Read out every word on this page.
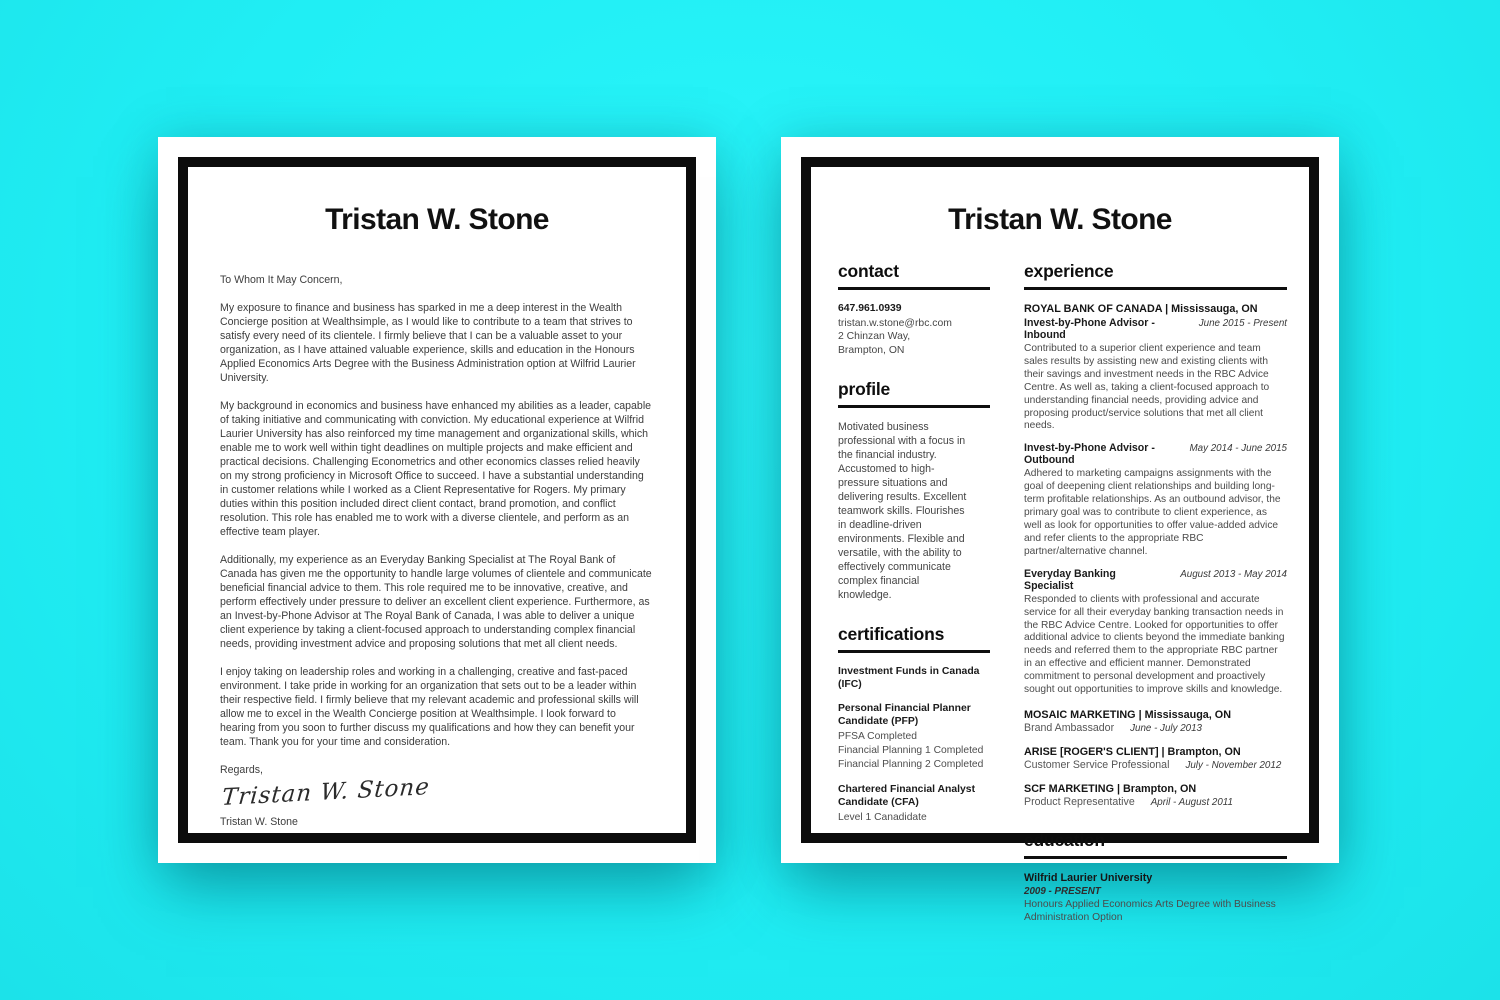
Tristan W. Stone

To Whom It May Concern,

My exposure to finance and business has sparked in me a deep interest in the Wealth Concierge position at Wealthsimple, as I would like to contribute to a team that strives to satisfy every need of its clientele. I firmly believe that I can be a valuable asset to your organization, as I have attained valuable experience, skills and education in the Honours Applied Economics Arts Degree with the Business Administration option at Wilfrid Laurier University.

My background in economics and business have enhanced my abilities as a leader, capable of taking initiative and communicating with conviction. My educational experience at Wilfrid Laurier University has also reinforced my time management and organizational skills, which enable me to work well within tight deadlines on multiple projects and make efficient and practical decisions. Challenging Econometrics and other economics classes relied heavily on my strong proficiency in Microsoft Office to succeed. I have a substantial understanding in customer relations while I worked as a Client Representative for Rogers. My primary duties within this position included direct client contact, brand promotion, and conflict resolution. This role has enabled me to work with a diverse clientele, and perform as an effective team player.

Additionally, my experience as an Everyday Banking Specialist at The Royal Bank of Canada has given me the opportunity to handle large volumes of clientele and communicate beneficial financial advice to them. This role required me to be innovative, creative, and perform effectively under pressure to deliver an excellent client experience. Furthermore, as an Invest-by-Phone Advisor at The Royal Bank of Canada, I was able to deliver a unique client experience by taking a client-focused approach to understanding complex financial needs, providing investment advice and proposing solutions that met all client needs.

I enjoy taking on leadership roles and working in a challenging, creative and fast-paced environment. I take pride in working for an organization that sets out to be a leader within their respective field. I firmly believe that my relevant academic and professional skills will allow me to excel in the Wealth Concierge position at Wealthsimple. I look forward to hearing from you soon to further discuss my qualifications and how they can benefit your team. Thank you for your time and consideration.

Regards,

Tristan W. Stone
Tristan W. Stone
Tristan W. Stone
contact
647.961.0939
tristan.w.stone@rbc.com
2 Chinzan Way,
Brampton, ON
profile
Motivated business professional with a focus in the financial industry. Accustomed to high-pressure situations and delivering results. Excellent teamwork skills. Flourishes in deadline-driven environments. Flexible and versatile, with the ability to effectively communicate complex financial knowledge.
certifications
Investment Funds in Canada (IFC)
Personal Financial Planner Candidate (PFP)
PFSA Completed
Financial Planning 1 Completed
Financial Planning 2 Completed
Chartered Financial Analyst Candidate (CFA)
Level 1 Canadidate
experience
ROYAL BANK OF CANADA | Mississauga, ON
Invest-by-Phone Advisor - Inbound
June 2015 - Present
Contributed to a superior client experience and team sales results by assisting new and existing clients with their savings and investment needs in the RBC Advice Centre. As well as, taking a client-focused approach to understanding financial needs, providing advice and proposing product/service solutions that met all client needs.
Invest-by-Phone Advisor - Outbound
May 2014 - June 2015
Adhered to marketing campaigns assignments with the goal of deepening client relationships and building long-term profitable relationships. As an outbound advisor, the primary goal was to contribute to client experience, as well as look for opportunities to offer value-added advice and refer clients to the appropriate RBC partner/alternative channel.
Everyday Banking Specialist
August 2013 - May 2014
Responded to clients with professional and accurate service for all their everyday banking transaction needs in the RBC Advice Centre. Looked for opportunities to offer additional advice to clients beyond the immediate banking needs and referred them to the appropriate RBC partner in an effective and efficient manner. Demonstrated commitment to personal development and proactively sought out opportunities to improve skills and knowledge.
MOSAIC MARKETING | Mississauga, ON
Brand Ambassador June - July 2013
ARISE [ROGER'S CLIENT] | Brampton, ON
Customer Service Professional July - November 2012
SCF MARKETING | Brampton, ON
Product Representative April - August 2011
education
Wilfrid Laurier University
2009 - PRESENT
Honours Applied Economics Arts Degree with Business Administration Option
